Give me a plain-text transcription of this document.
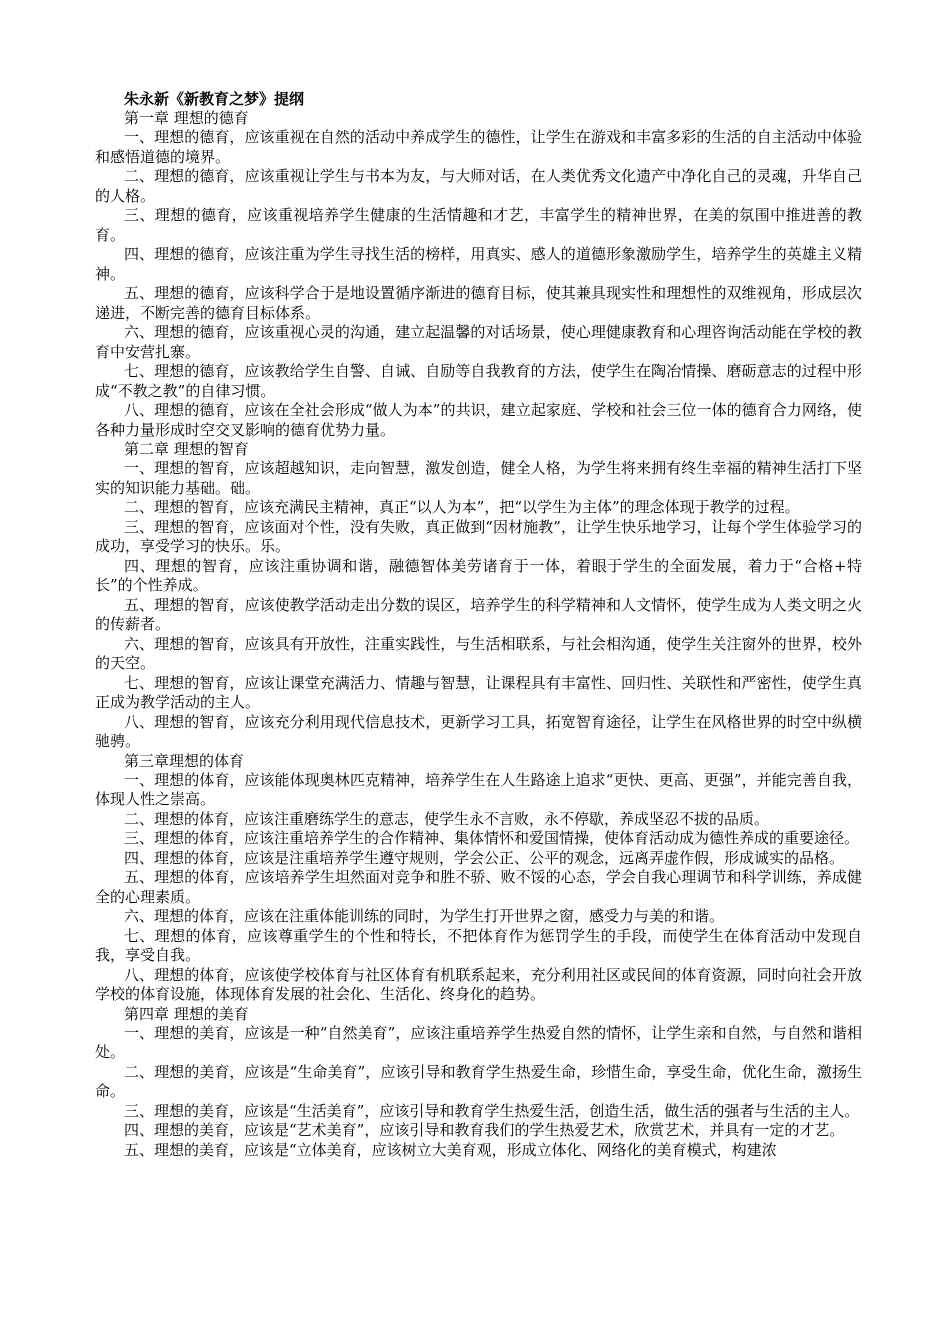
朱永新《新教育之梦》提纲

第一章 理想的德育

一、理想的德育，应该重视在自然的活动中养成学生的德性，让学生在游戏和丰富多彩的生活的自主活动中体验和感悟道德的境界。

二、理想的德育，应该重视让学生与书本为友，与大师对话，在人类优秀文化遗产中净化自己的灵魂，升华自己的人格。

三、理想的德育，应该重视培养学生健康的生活情趣和才艺，丰富学生的精神世界，在美的氛围中推进善的教育。

四、理想的德育，应该注重为学生寻找生活的榜样，用真实、感人的道德形象激励学生，培养学生的英雄主义精神。

五、理想的德育，应该科学合于是地设置循序渐进的德育目标，使其兼具现实性和理想性的双维视角，形成层次递进，不断完善的德育目标体系。

六、理想的德育，应该重视心灵的沟通，建立起温馨的对话场景，使心理健康教育和心理咨询活动能在学校的教育中安营扎寨。

七、理想的德育，应该教给学生自警、自诫、自励等自我教育的方法，使学生在陶冶情操、磨砺意志的过程中形成“不教之教”的自律习惯。

八、理想的德育，应该在全社会形成“做人为本”的共识，建立起家庭、学校和社会三位一体的德育合力网络，使各种力量形成时空交叉影响的德育优势力量。

第二章 理想的智育

一、理想的智育，应该超越知识，走向智慧，激发创造，健全人格，为学生将来拥有终生幸福的精神生活打下坚实的知识能力基础。础。

二、理想的智育，应该充满民主精神，真正“以人为本”，把“以学生为主体”的理念体现于教学的过程。

三、理想的智育，应该面对个性，没有失败，真正做到“因材施教”，让学生快乐地学习，让每个学生体验学习的成功，享受学习的快乐。乐。

四、理想的智育，应该注重协调和谐，融德智体美劳诸育于一体，着眼于学生的全面发展，着力于“合格+特长”的个性养成。

五、理想的智育，应该使教学活动走出分数的误区，培养学生的科学精神和人文情怀，使学生成为人类文明之火的传薪者。

六、理想的智育，应该具有开放性，注重实践性，与生活相联系，与社会相沟通，使学生关注窗外的世界，校外的天空。

七、理想的智育，应该让课堂充满活力、情趣与智慧，让课程具有丰富性、回归性、关联性和严密性，使学生真正成为教学活动的主人。

八、理想的智育，应该充分利用现代信息技术，更新学习工具，拓宽智育途径，让学生在风格世界的时空中纵横驰骋。

第三章理想的体育

一、理想的体育，应该能体现奥林匹克精神，培养学生在人生路途上追求“更快、更高、更强”，并能完善自我，体现人性之崇高。

二、理想的体育，应该注重磨练学生的意志，使学生永不言败，永不停歇，养成坚忍不拔的品质。

三、理想的体育，应该注重培养学生的合作精神、集体情怀和爱国情操，使体育活动成为德性养成的重要途径。

四、理想的体育，应该是注重培养学生遵守规则，学会公正、公平的观念，远离弄虚作假，形成诚实的品格。

五、理想的体育，应该培养学生坦然面对竞争和胜不骄、败不馁的心态，学会自我心理调节和科学训练，养成健全的心理素质。

六、理想的体育，应该在注重体能训练的同时，为学生打开世界之窗，感受力与美的和谐。

七、理想的体育，应该尊重学生的个性和特长，不把体育作为惩罚学生的手段，而使学生在体育活动中发现自我，享受自我。

八、理想的体育，应该使学校体育与社区体育有机联系起来，充分利用社区或民间的体育资源，同时向社会开放学校的体育设施，体现体育发展的社会化、生活化、终身化的趋势。

第四章 理想的美育

一、理想的美育，应该是一种“自然美育”，应该注重培养学生热爱自然的情怀，让学生亲和自然，与自然和谐相处。

二、理想的美育，应该是“生命美育”，应该引导和教育学生热爱生命，珍惜生命，享受生命，优化生命，激扬生命。

三、理想的美育，应该是“生活美育”，应该引导和教育学生热爱生活，创造生活，做生活的强者与生活的主人。

四、理想的美育，应该是“艺术美育”，应该引导和教育我们的学生热爱艺术，欣赏艺术，并具有一定的才艺。

五、理想的美育，应该是“立体美育，应该树立大美育观，形成立体化、网络化的美育模式，构建浓
